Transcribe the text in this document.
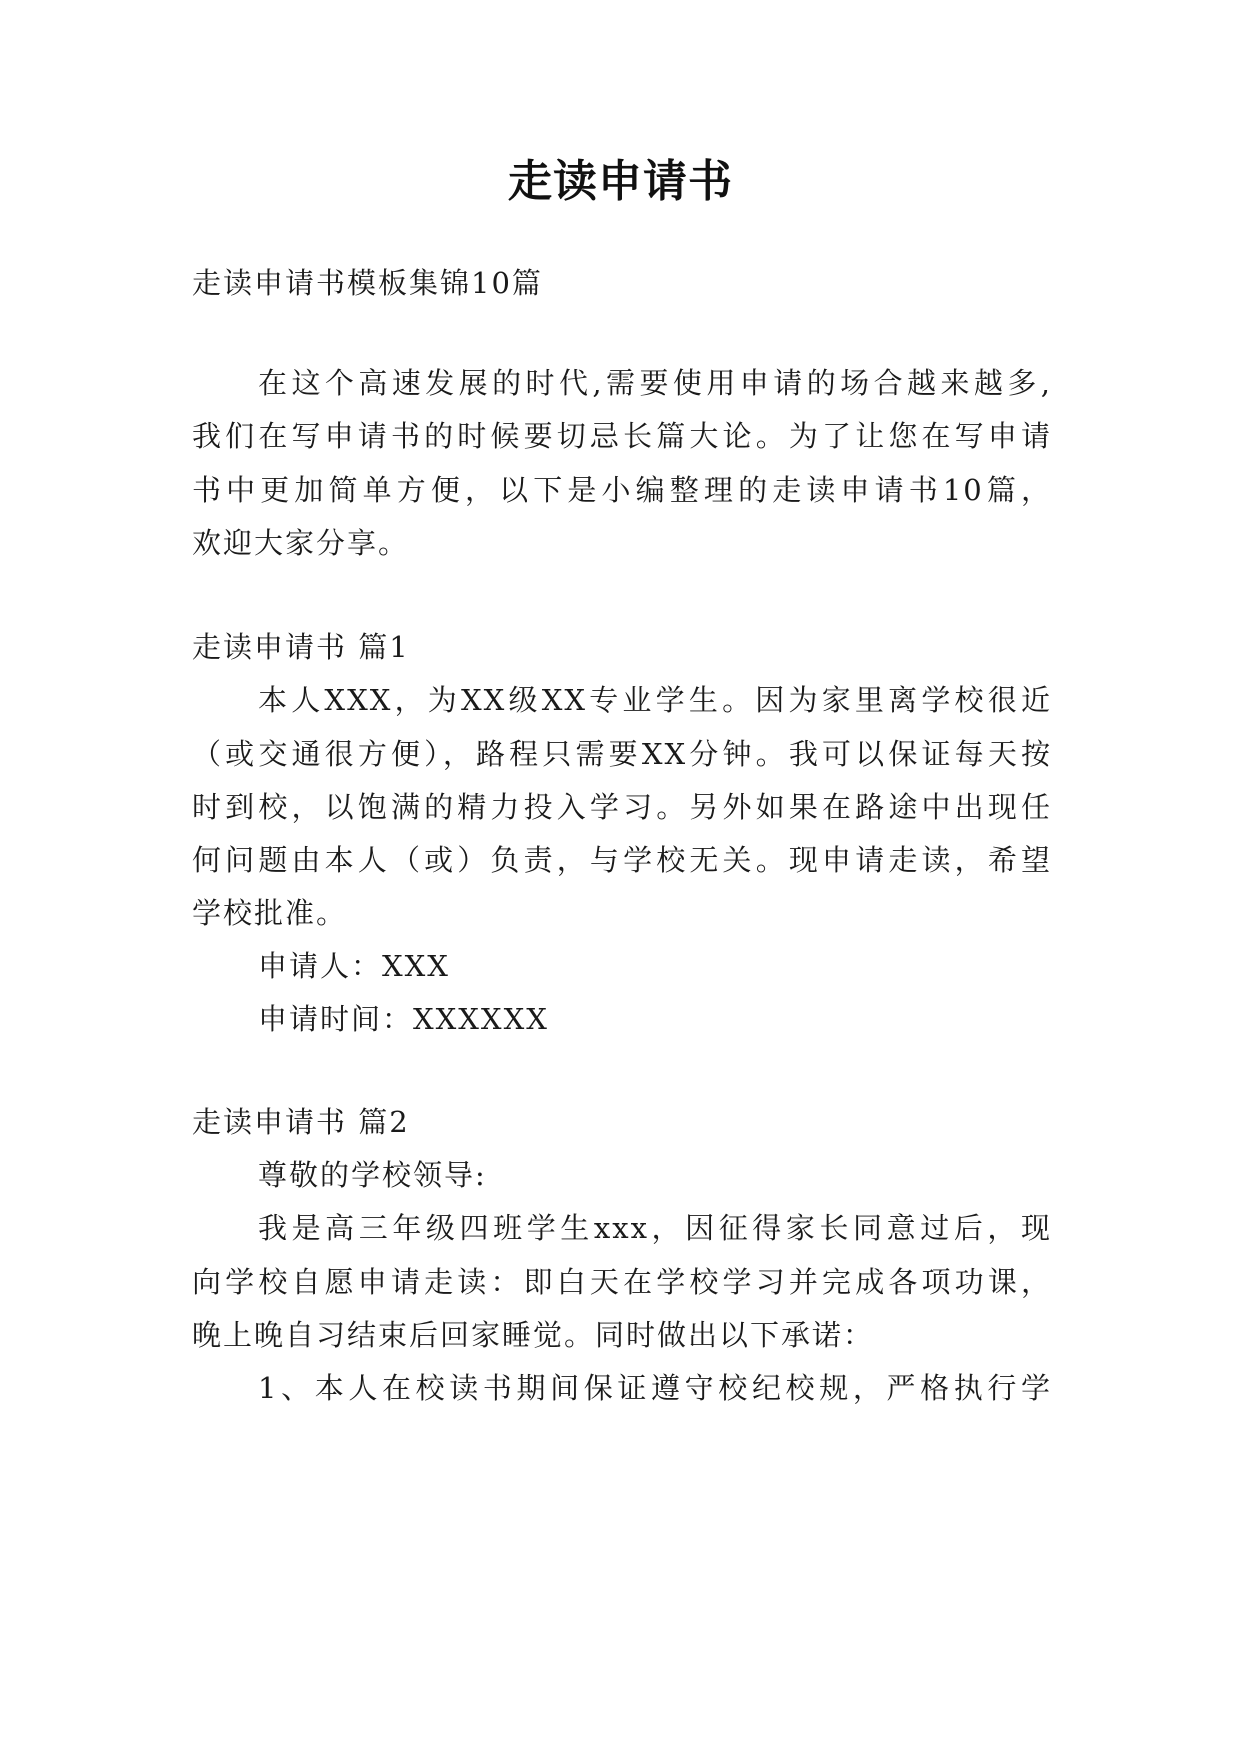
走读申请书
走读申请书模板集锦10篇
在这个高速发展的时代,需要使用申请的场合越来越多,
我们在写申请书的时候要切忌长篇大论。为了让您在写申请
书中更加简单方便，以下是小编整理的走读申请书10篇，
欢迎大家分享。
走读申请书 篇1
本人XXX，为XX级XX专业学生。因为家里离学校很近
（或交通很方便），路程只需要XX分钟。我可以保证每天按
时到校，以饱满的精力投入学习。另外如果在路途中出现任
何问题由本人（或）负责，与学校无关。现申请走读，希望
学校批准。
申请人：XXX
申请时间：XXXXXX
走读申请书 篇2
尊敬的学校领导:
我是高三年级四班学生xxx，因征得家长同意过后，现
向学校自愿申请走读：即白天在学校学习并完成各项功课，
晚上晚自习结束后回家睡觉。同时做出以下承诺：
1、本人在校读书期间保证遵守校纪校规，严格执行学
